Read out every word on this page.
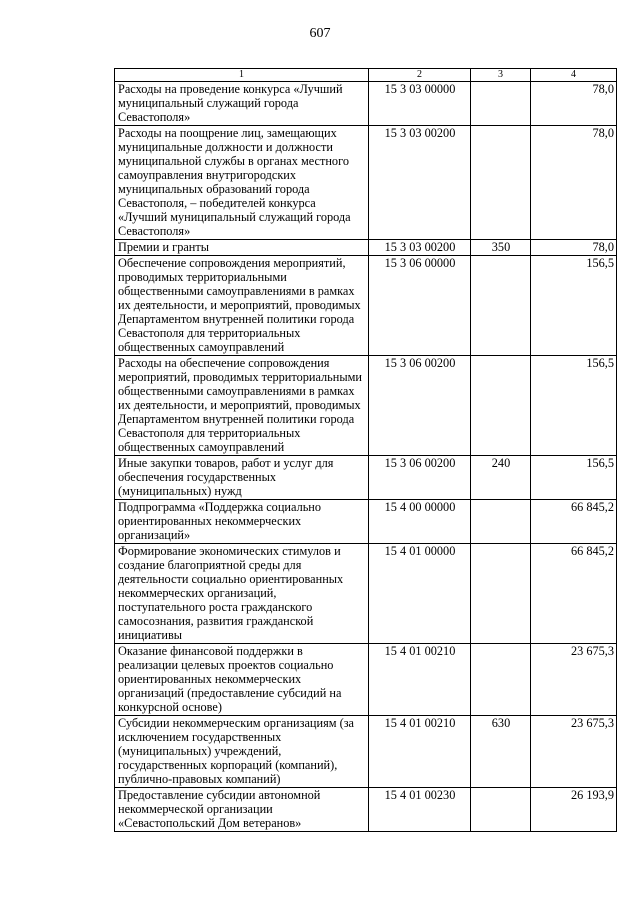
607
1	2	3	4
Расходы на проведение конкурса «Лучший муниципальный служащий города Севастополя»	15 3 03 00000		78,0
Расходы на поощрение лиц, замещающих муниципальные должности и должности муниципальной службы в органах местного самоуправления внутригородских муниципальных образований города Севастополя, – победителей конкурса «Лучший муниципальный служащий города Севастополя»	15 3 03 00200		78,0
Премии и гранты	15 3 03 00200	350	78,0
Обеспечение сопровождения мероприятий, проводимых территориальными общественными самоуправлениями в рамках их деятельности, и мероприятий, проводимых Департаментом внутренней политики города Севастополя для территориальных общественных самоуправлений	15 3 06 00000		156,5
Расходы на обеспечение сопровождения мероприятий, проводимых территориальными общественными самоуправлениями в рамках их деятельности, и мероприятий, проводимых Департаментом внутренней политики города Севастополя для территориальных общественных самоуправлений	15 3 06 00200		156,5
Иные закупки товаров, работ и услуг для обеспечения государственных (муниципальных) нужд	15 3 06 00200	240	156,5
Подпрограмма «Поддержка социально ориентированных некоммерческих организаций»	15 4 00 00000		66 845,2
Формирование экономических стимулов и создание благоприятной среды для деятельности социально ориентированных некоммерческих организаций, поступательного роста гражданского самосознания, развития гражданской инициативы	15 4 01 00000		66 845,2
Оказание финансовой поддержки в реализации целевых проектов социально ориентированных некоммерческих организаций (предоставление субсидий на конкурсной основе)	15 4 01 00210		23 675,3
Субсидии некоммерческим организациям (за исключением государственных (муниципальных) учреждений, государственных корпораций (компаний), публично-правовых компаний)	15 4 01 00210	630	23 675,3
Предоставление субсидии автономной некоммерческой организации «Севастопольский Дом ветеранов»	15 4 01 00230		26 193,9
